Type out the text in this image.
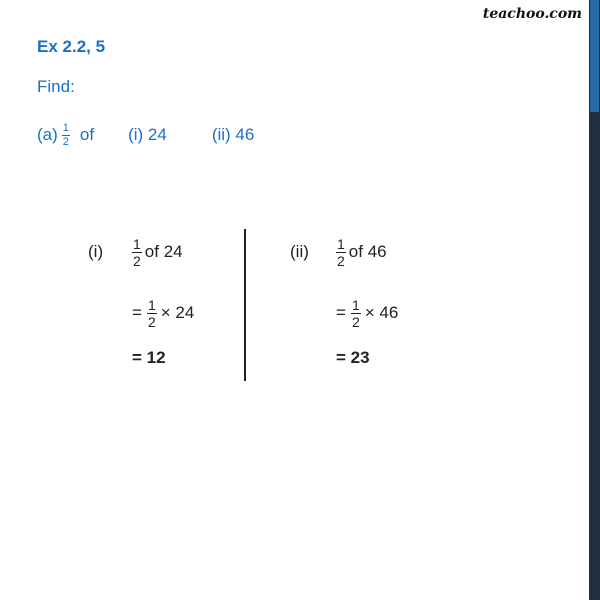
teachoo.com
Ex 2.2, 5
Find:
$(a) \frac{1}{2}$ of (i) 24	(ii) 46
$(i) \frac{1}{2}$ of 24
= $\frac{1}{2} \times 24$
= 12
$(ii) \frac{1}{2}$ of 46
= $\frac{1}{2} \times 46$
= 23
